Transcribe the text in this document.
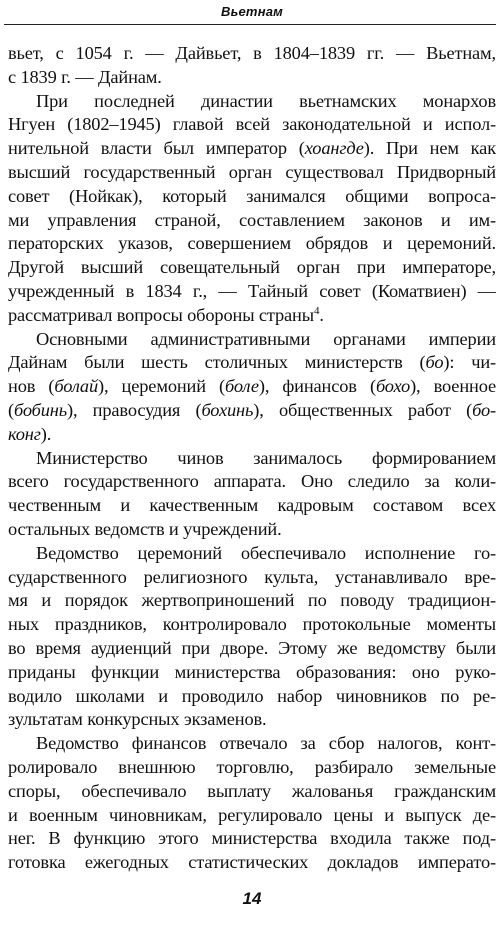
Вьетнам
вьет, с 1054 г. — Дайвьет, в 1804–1839 гг. — Вьетнам,
с 1839 г. — Дайнам.
При последней династии вьетнамских монархов
Нгуен (1802–1945) главой всей законодательной и испол-
нительной власти был император (хоангде). При нем как
высший государственный орган существовал Придворный
совет (Нойкак), который занимался общими вопроса-
ми управления страной, составлением законов и им-
ператорских указов, совершением обрядов и церемоний.
Другой высший совещательный орган при императоре,
учрежденный в 1834 г., — Тайный совет (Коматвиен) —
рассматривал вопросы обороны страны$^4$.
Основными административными органами империи
Дайнам были шесть столичных министерств (бо): чи-
нов (болай), церемоний (боле), финансов (бохо), военное
(бобинь), правосудия (бохинь), общественных работ (бо-
конг).
Министерство чинов занималось формированием
всего государственного аппарата. Оно следило за коли-
чественным и качественным кадровым составом всех
остальных ведомств и учреждений.
Ведомство церемоний обеспечивало исполнение го-
сударственного религиозного культа, устанавливало вре-
мя и порядок жертвоприношений по поводу традицион-
ных праздников, контролировало протокольные моменты
во время аудиенций при дворе. Этому же ведомству были
приданы функции министерства образования: оно руко-
водило школами и проводило набор чиновников по ре-
зультатам конкурсных экзаменов.
Ведомство финансов отвечало за сбор налогов, конт-
ролировало внешнюю торговлю, разбирало земельные
споры, обеспечивало выплату жалованья гражданским
и военным чиновникам, регулировало цены и выпуск де-
нег. В функцию этого министерства входила также под-
готовка ежегодных статистических докладов императо-
14
